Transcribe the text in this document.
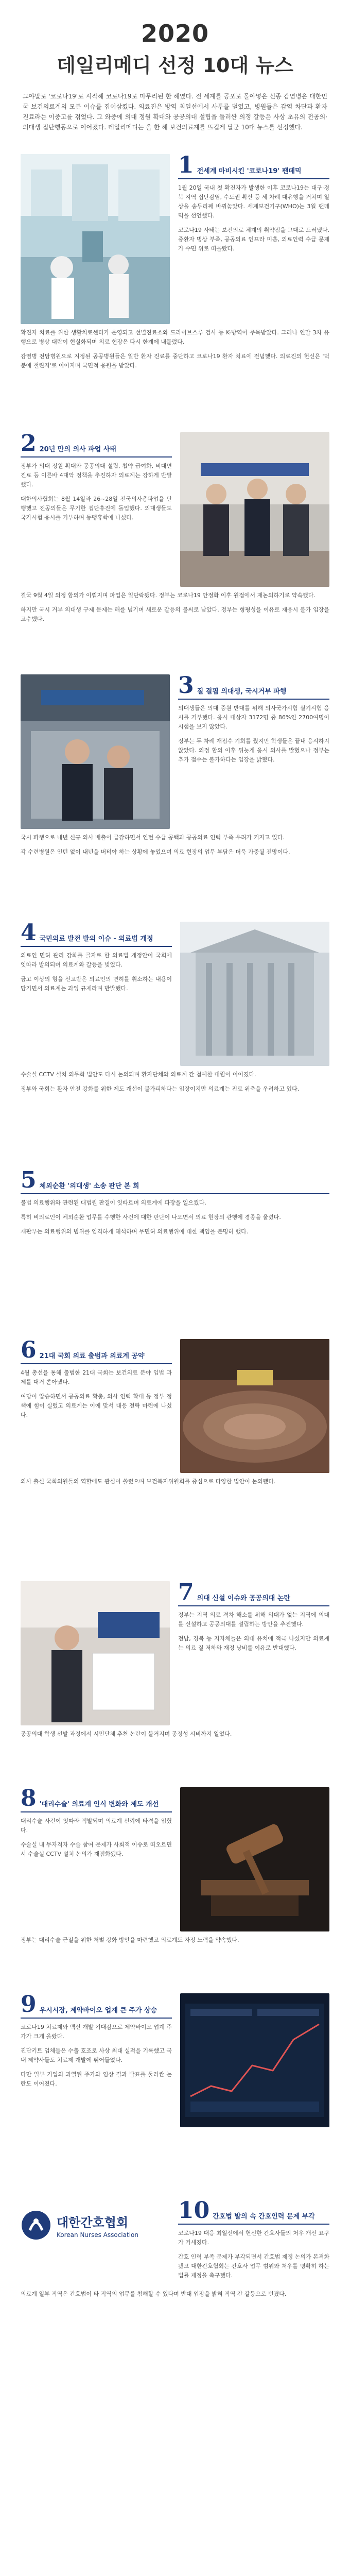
2020
데일리메디 선정 10대 뉴스
그야말로 '코로나19'로 시작해 코로나19로 마무리된 한 해였다. 전 세계를 공포로 몰아넣은 신종 감염병은 대한민국 보건의료계의 모든 이슈를 집어삼켰다. 의료진은 방역 최일선에서 사투를 벌였고, 병원들은 감염 차단과 환자 진료라는 이중고를 겪었다. 그 와중에 의대 정원 확대와 공공의대 설립을 둘러싼 의정 갈등은 사상 초유의 전공의·의대생 집단행동으로 이어졌다. 데일리메디는 올 한 해 보건의료계를 뜨겁게 달군 10대 뉴스를 선정했다.
1 전세계 마비시킨 '코로나19' 팬데믹

1월 20일 국내 첫 확진자가 발생한 이후 코로나19는 대구·경북 지역 집단감염, 수도권 확산 등 세 차례 대유행을 거치며 일상을 송두리째 바꿔놓았다. 세계보건기구(WHO)는 3월 팬데믹을 선언했다.

코로나19 사태는 보건의료 체계의 취약점을 그대로 드러냈다. 중환자 병상 부족, 공공의료 인프라 미흡, 의료인력 수급 문제가 수면 위로 떠올랐다.

확진자 치료를 위한 생활치료센터가 운영되고 선별진료소와 드라이브스루 검사 등 K-방역이 주목받았다. 그러나 연말 3차 유행으로 병상 대란이 현실화되며 의료 현장은 다시 한계에 내몰렸다.

감염병 전담병원으로 지정된 공공병원들은 일반 환자 진료를 중단하고 코로나19 환자 치료에 전념했다. 의료진의 헌신은 '덕분에 챌린지'로 이어지며 국민적 응원을 받았다.

2 20년 만의 의사 파업 사태

정부가 의대 정원 확대와 공공의대 설립, 첩약 급여화, 비대면 진료 등 이른바 4대악 정책을 추진하자 의료계는 강하게 반발했다.

대한의사협회는 8월 14일과 26~28일 전국의사총파업을 단행했고 전공의들은 무기한 집단휴진에 돌입했다. 의대생들도 국가시험 응시를 거부하며 동맹휴학에 나섰다.

결국 9월 4일 의정 합의가 이뤄지며 파업은 일단락됐다. 정부는 코로나19 안정화 이후 원점에서 재논의하기로 약속했다.

하지만 국시 거부 의대생 구제 문제는 해를 넘기며 새로운 갈등의 불씨로 남았다. 정부는 형평성을 이유로 재응시 불가 입장을 고수했다.

3 질 결핍 의대생, 국시거부 파행

의대생들은 의대 증원 반대를 위해 의사국가시험 실기시험 응시를 거부했다. 응시 대상자 3172명 중 86%인 2700여명이 시험을 보지 않았다.

정부는 두 차례 재접수 기회를 줬지만 학생들은 끝내 응시하지 않았다. 의정 합의 이후 뒤늦게 응시 의사를 밝혔으나 정부는 추가 접수는 불가하다는 입장을 밝혔다.

국시 파행으로 내년 신규 의사 배출이 급감하면서 인턴 수급 공백과 공공의료 인력 부족 우려가 커지고 있다.

각 수련병원은 인턴 없이 내년을 버텨야 하는 상황에 놓였으며 의료 현장의 업무 부담은 더욱 가중될 전망이다.

4 국민의료 발전 발의 이슈 - 의료법 개정

의료인 면허 관리 강화를 골자로 한 의료법 개정안이 국회에 잇따라 발의되며 의료계와 갈등을 빚었다.

금고 이상의 형을 선고받은 의료인의 면허를 취소하는 내용이 담기면서 의료계는 과잉 규제라며 반발했다.

수술실 CCTV 설치 의무화 법안도 다시 논의되며 환자단체와 의료계 간 첨예한 대립이 이어졌다.

정부와 국회는 환자 안전 강화를 위한 제도 개선이 불가피하다는 입장이지만 의료계는 진료 위축을 우려하고 있다.

5 체외순환 '의대생' 소송 판단 본 희

불법 의료행위와 관련된 대법원 판결이 잇따르며 의료계에 파장을 일으켰다.

특히 비의료인이 체외순환 업무를 수행한 사건에 대한 판단이 나오면서 의료 현장의 관행에 경종을 울렸다.

재판부는 의료행위의 범위를 엄격하게 해석하며 무면허 의료행위에 대한 책임을 분명히 했다.

6 21대 국회 의료 출범과 의료계 공약

4월 총선을 통해 출범한 21대 국회는 보건의료 분야 입법 과제를 대거 쏟아냈다.

여당이 압승하면서 공공의료 확충, 의사 인력 확대 등 정부 정책에 힘이 실렸고 의료계는 이에 맞서 대응 전략 마련에 나섰다.

의사 출신 국회의원들의 역할에도 관심이 쏠렸으며 보건복지위원회를 중심으로 다양한 법안이 논의됐다.

7 의대 신설 이슈와 공공의대 논란

정부는 지역 의료 격차 해소를 위해 의대가 없는 지역에 의대를 신설하고 공공의대를 설립하는 방안을 추진했다.

전남, 경북 등 지자체들은 의대 유치에 적극 나섰지만 의료계는 의료 질 저하와 재정 낭비를 이유로 반대했다.

공공의대 학생 선발 과정에서 시민단체 추천 논란이 불거지며 공정성 시비까지 일었다.

8 '대리수술' 의료계 인식 변화와 제도 개선

대리수술 사건이 잇따라 적발되며 의료계 신뢰에 타격을 입혔다.

수술실 내 무자격자 수술 참여 문제가 사회적 이슈로 떠오르면서 수술실 CCTV 설치 논의가 재점화됐다.

정부는 대리수술 근절을 위한 처벌 강화 방안을 마련했고 의료계도 자정 노력을 약속했다.

9 우시시장, 제약바이오 업계 큰 주가 상승

코로나19 치료제와 백신 개발 기대감으로 제약바이오 업계 주가가 크게 올랐다.

진단키트 업체들은 수출 호조로 사상 최대 실적을 기록했고 국내 제약사들도 치료제 개발에 뛰어들었다.

다만 일부 기업의 과열된 주가와 임상 결과 발표를 둘러싼 논란도 이어졌다.

대한간호협회
Korean Nurses Association
10 간호법 발의 속 간호인력 문제 부각

코로나19 대응 최일선에서 헌신한 간호사들의 처우 개선 요구가 거세졌다.

간호 인력 부족 문제가 부각되면서 간호법 제정 논의가 본격화됐고 대한간호협회는 간호사 업무 범위와 처우를 명확히 하는 법률 제정을 촉구했다.

의료계 일부 직역은 간호법이 타 직역의 업무를 침해할 수 있다며 반대 입장을 밝혀 직역 간 갈등으로 번졌다.
